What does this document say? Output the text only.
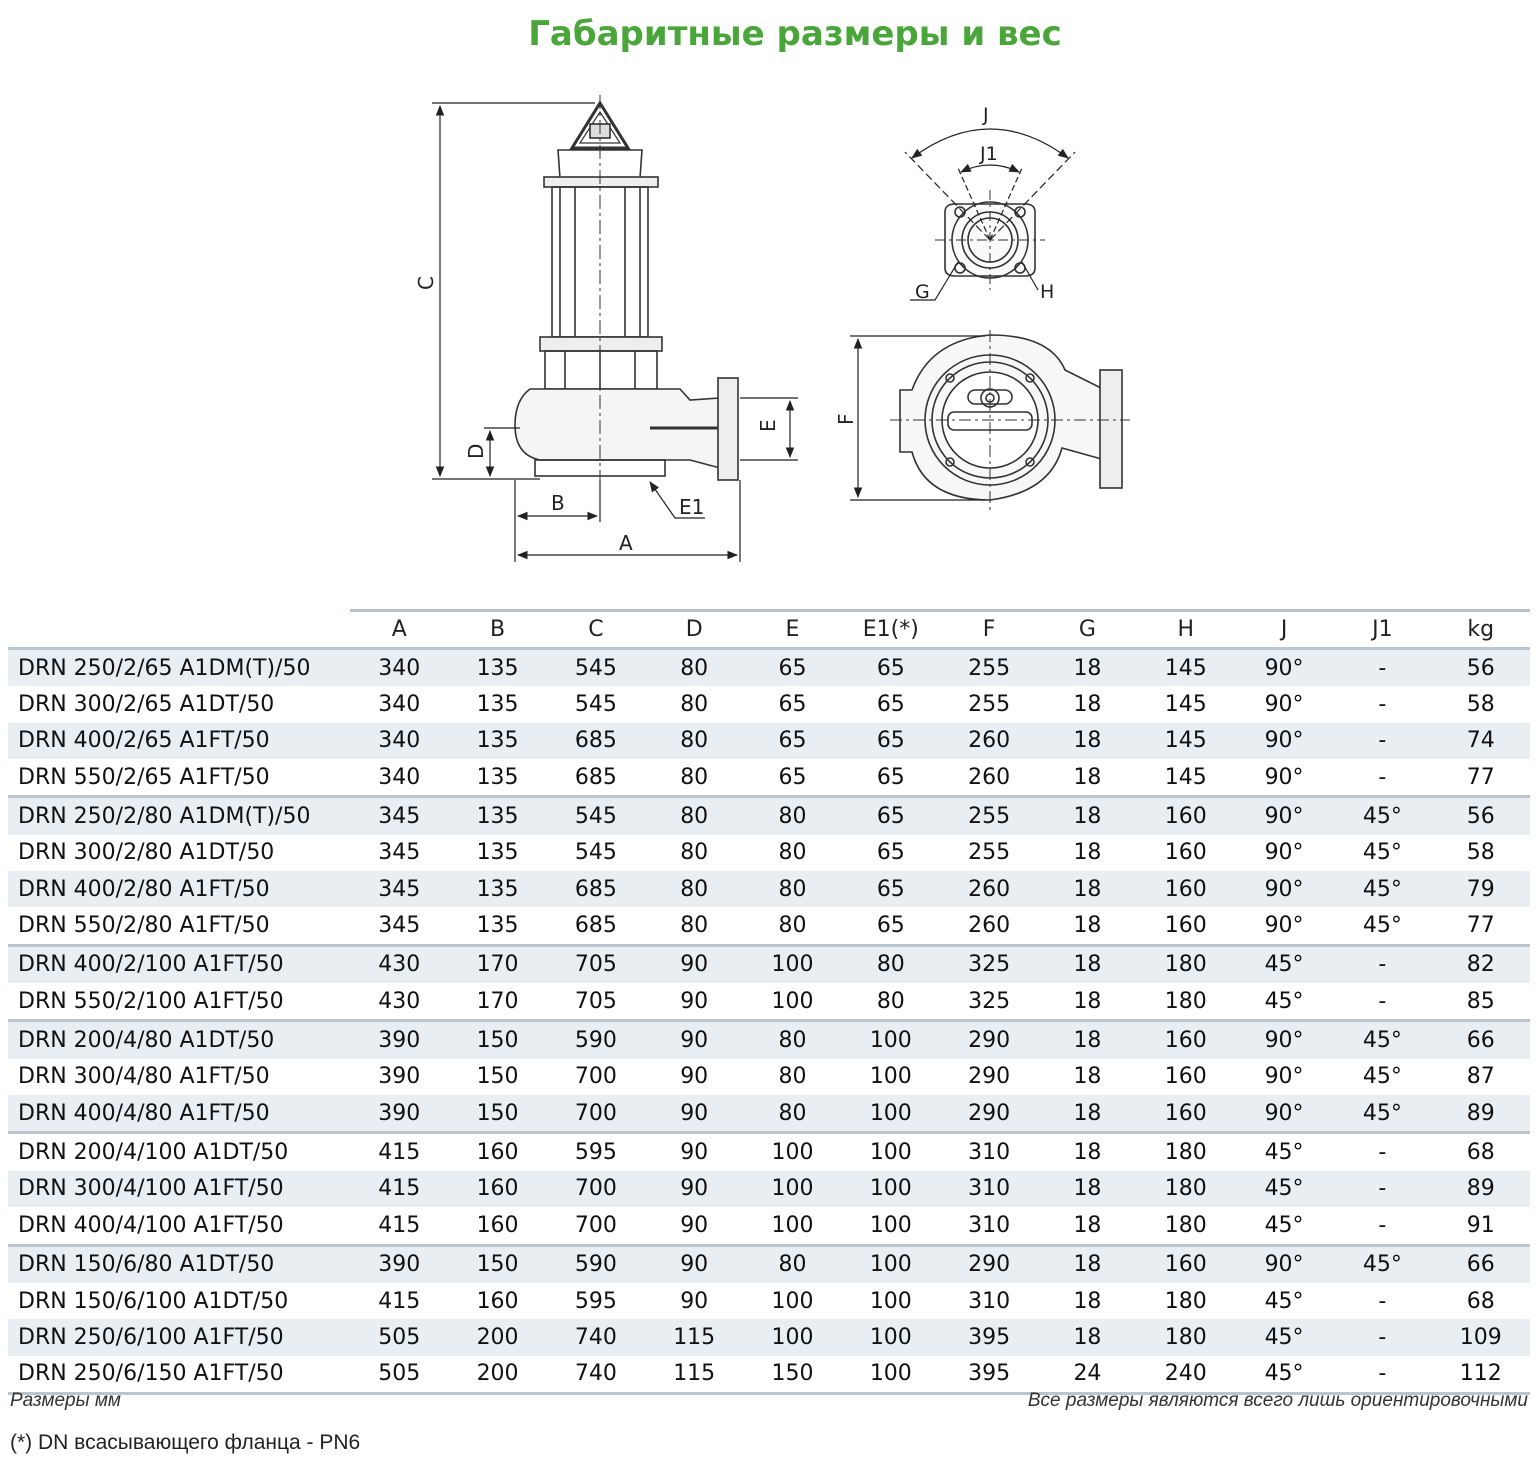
Габаритные размеры и вес
C
D
E
B
A
E1
J
J1
G	H
F
	A	B	C	D	E	E1(*)	F	G	H	J	J1	kg
DRN 250/2/65 A1DM(T)/50	340	135	545	80	65	65	255	18	145	90°	-	56
DRN 300/2/65 A1DT/50	340	135	545	80	65	65	255	18	145	90°	-	58
DRN 400/2/65 A1FT/50	340	135	685	80	65	65	260	18	145	90°	-	74
DRN 550/2/65 A1FT/50	340	135	685	80	65	65	260	18	145	90°	-	77
DRN 250/2/80 A1DM(T)/50	345	135	545	80	80	65	255	18	160	90°	45°	56
DRN 300/2/80 A1DT/50	345	135	545	80	80	65	255	18	160	90°	45°	58
DRN 400/2/80 A1FT/50	345	135	685	80	80	65	260	18	160	90°	45°	79
DRN 550/2/80 A1FT/50	345	135	685	80	80	65	260	18	160	90°	45°	77
DRN 400/2/100 A1FT/50	430	170	705	90	100	80	325	18	180	45°	-	82
DRN 550/2/100 A1FT/50	430	170	705	90	100	80	325	18	180	45°	-	85
DRN 200/4/80 A1DT/50	390	150	590	90	80	100	290	18	160	90°	45°	66
DRN 300/4/80 A1FT/50	390	150	700	90	80	100	290	18	160	90°	45°	87
DRN 400/4/80 A1FT/50	390	150	700	90	80	100	290	18	160	90°	45°	89
DRN 200/4/100 A1DT/50	415	160	595	90	100	100	310	18	180	45°	-	68
DRN 300/4/100 A1FT/50	415	160	700	90	100	100	310	18	180	45°	-	89
DRN 400/4/100 A1FT/50	415	160	700	90	100	100	310	18	180	45°	-	91
DRN 150/6/80 A1DT/50	390	150	590	90	80	100	290	18	160	90°	45°	66
DRN 150/6/100 A1DT/50	415	160	595	90	100	100	310	18	180	45°	-	68
DRN 250/6/100 A1FT/50	505	200	740	115	100	100	395	18	180	45°	-	109
DRN 250/6/150 A1FT/50	505	200	740	115	150	100	395	24	240	45°	-	112
Размеры мм	Все размеры являются всего лишь ориентировочными
(*) DN всасывающего фланца - PN6
